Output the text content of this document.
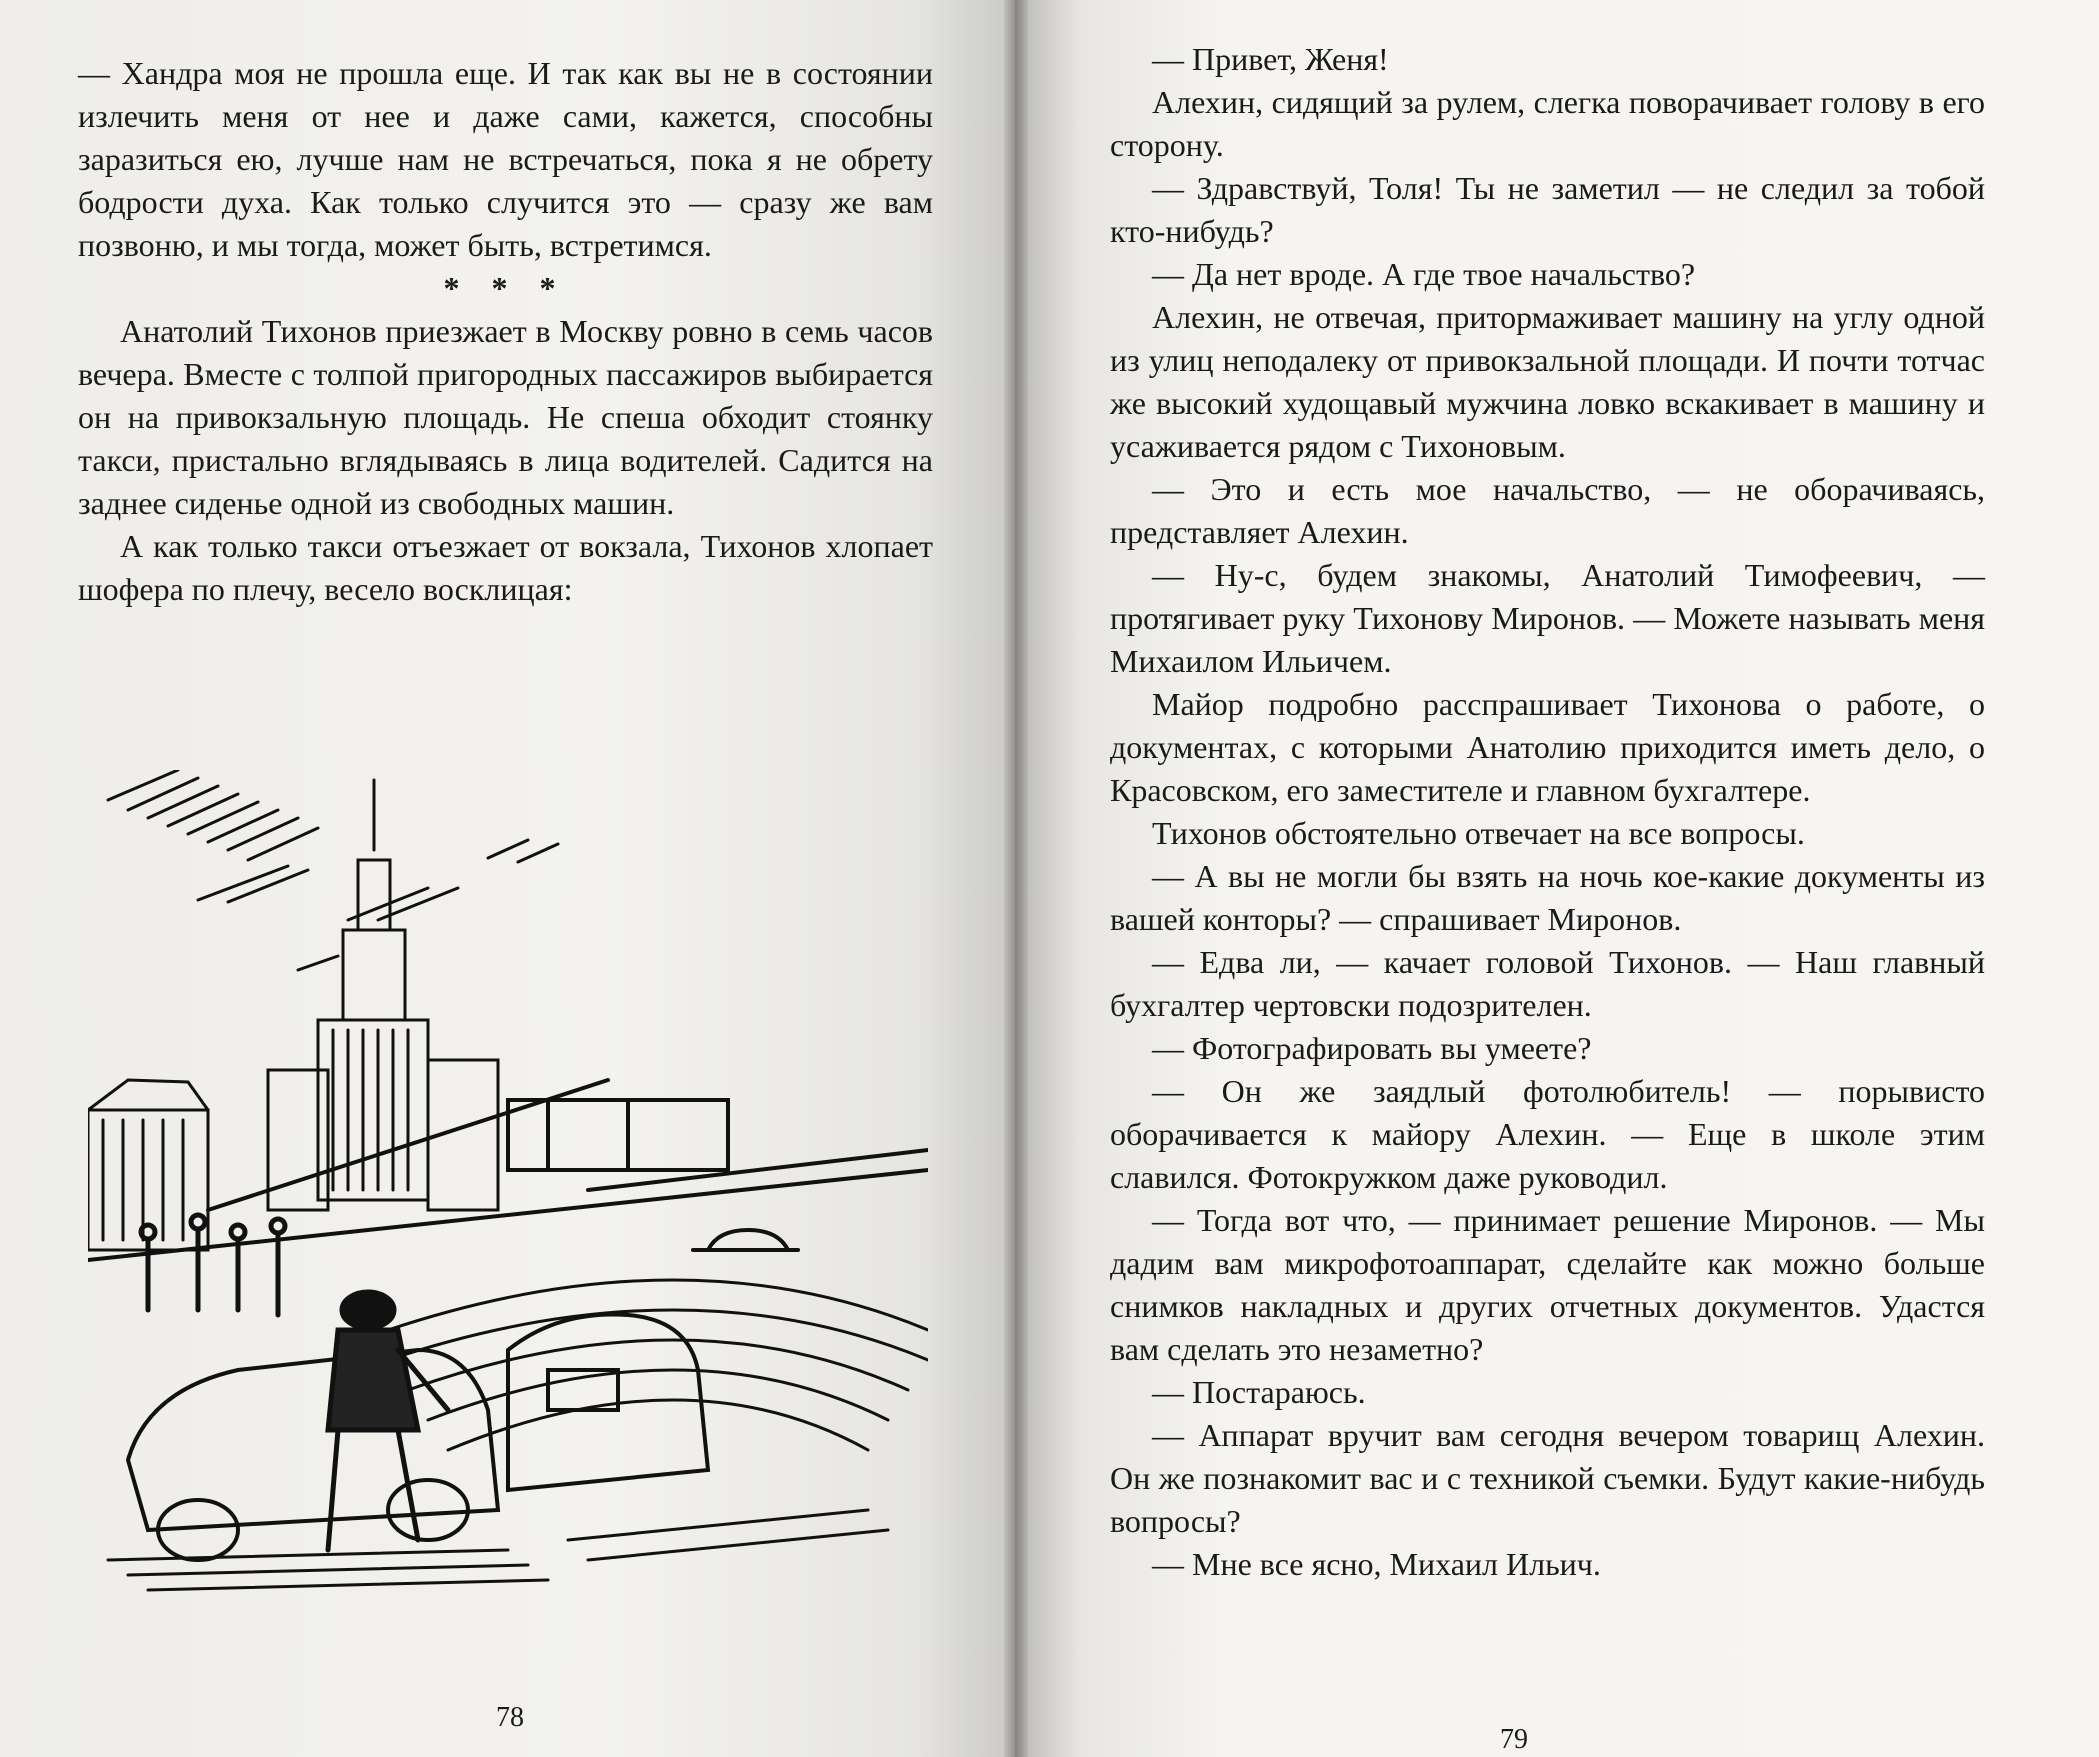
— Хандра моя не прошла еще. И так как вы не в состоянии излечить меня от нее и даже сами, кажется, способны заразиться ею, лучше нам не встречаться, пока я не обрету бодрости духа. Как только случится это — сразу же вам позвоню, и мы тогда, может быть, встретимся.

* * *

Анатолий Тихонов приезжает в Москву ровно в семь часов вечера. Вместе с толпой пригородных пассажиров выбирается он на привокзальную площадь. Не спеша обходит стоянку такси, пристально вглядываясь в лица водителей. Садится на заднее сиденье одной из свободных машин.

А как только такси отъезжает от вокзала, Тихонов хлопает шофера по плечу, весело восклицая:

— Привет, Женя!

Алехин, сидящий за рулем, слегка поворачивает голову в его сторону.

— Здравствуй, Толя! Ты не заметил — не следил за тобой кто-нибудь?

— Да нет вроде. А где твое начальство?

Алехин, не отвечая, притормаживает машину на углу одной из улиц неподалеку от привокзальной площади. И почти тотчас же высокий худощавый мужчина ловко вскакивает в машину и усаживается рядом с Тихоновым.

— Это и есть мое начальство, — не оборачиваясь, представляет Алехин.

— Ну-с, будем знакомы, Анатолий Тимофеевич, — протягивает руку Тихонову Миронов. — Можете называть меня Михаилом Ильичем.

Майор подробно расспрашивает Тихонова о работе, о документах, с которыми Анатолию приходится иметь дело, о Красовском, его заместителе и главном бухгалтере.

Тихонов обстоятельно отвечает на все вопросы.

— А вы не могли бы взять на ночь кое-какие документы из вашей конторы? — спрашивает Миронов.

— Едва ли, — качает головой Тихонов. — Наш главный бухгалтер чертовски подозрителен.

— Фотографировать вы умеете?

— Он же заядлый фотолюбитель! — порывисто оборачивается к майору Алехин. — Еще в школе этим славился. Фотокружком даже руководил.

— Тогда вот что, — принимает решение Миронов. — Мы дадим вам микрофотоаппарат, сделайте как можно больше снимков накладных и других отчетных документов. Удастся вам сделать это незаметно?

— Постараюсь.

— Аппарат вручит вам сегодня вечером товарищ Алехин. Он же познакомит вас и с техникой съемки. Будут какие-нибудь вопросы?

— Мне все ясно, Михаил Ильич.

78
79
